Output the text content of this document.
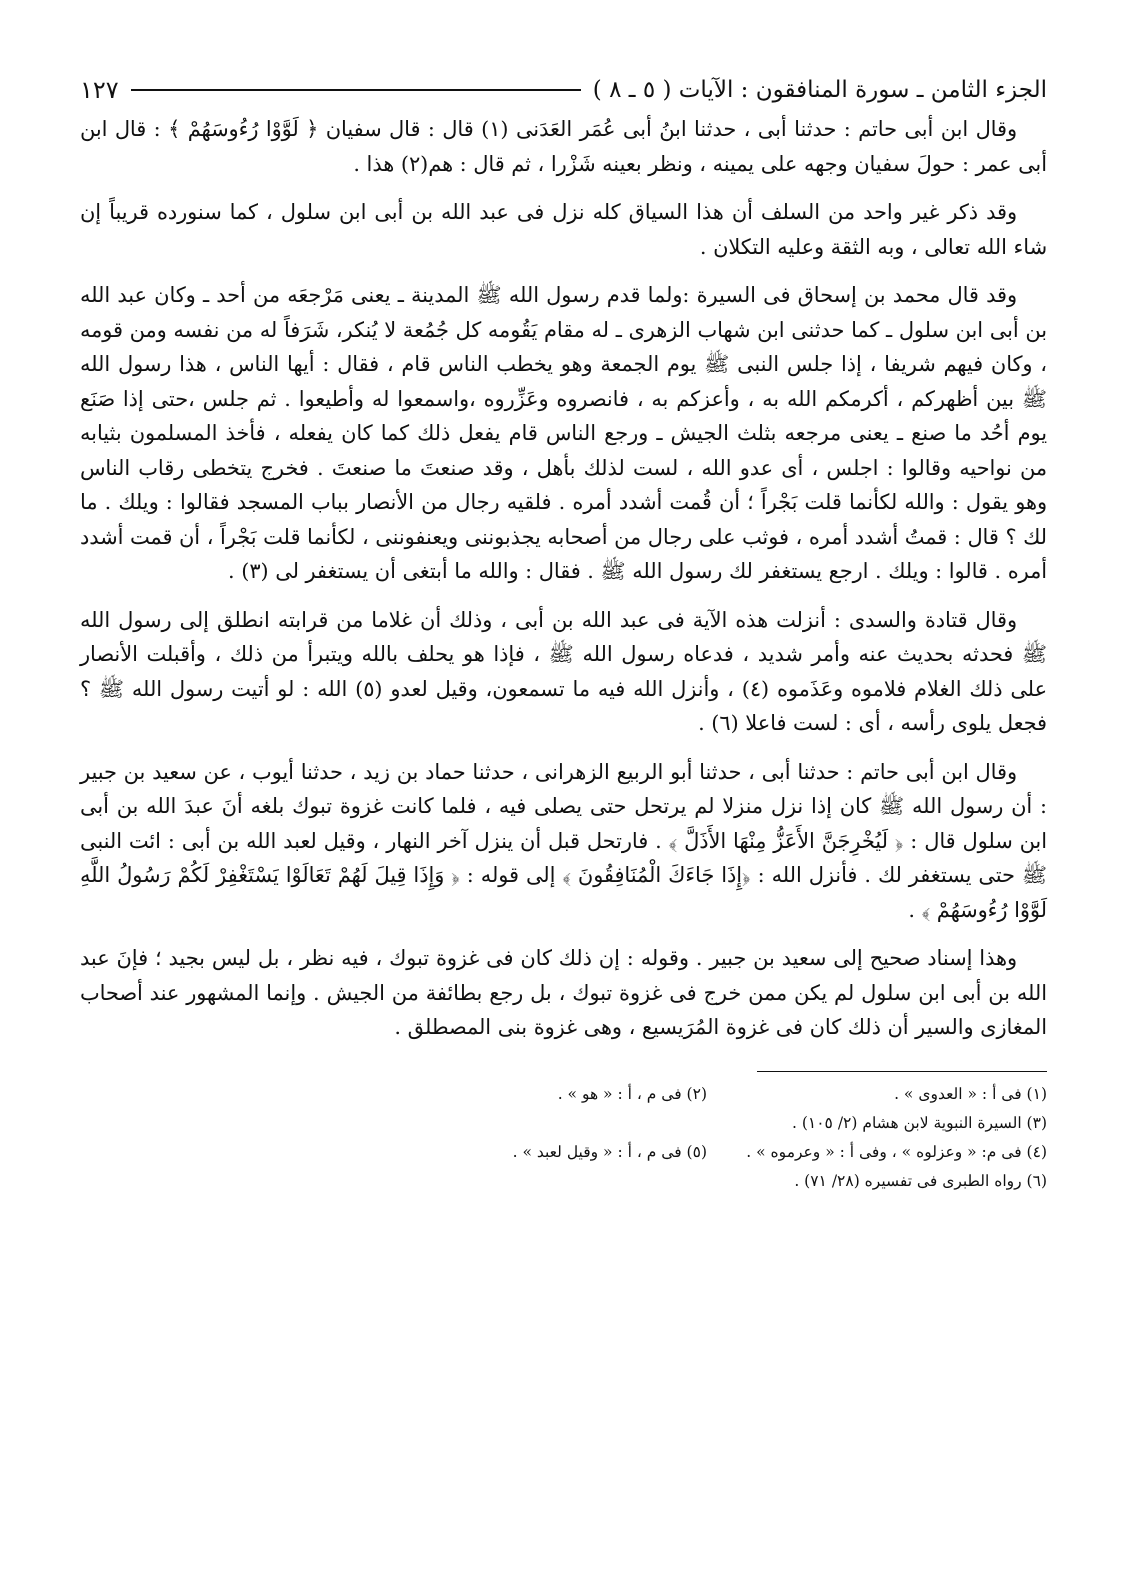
الجزء الثامن ـ سورة المنافقون : الآيات ( ٥ ـ ٨ )
١٢٧

وقال ابن أبى حاتم : حدثنا أبى ، حدثنا ابنُ أبى عُمَر العَدَنى (١) قال : قال سفيان ﴿ لَوَّوْا رُءُوسَهُمْ ﴾ : قال ابن أبى عمر : حولَ سفيان وجهه على يمينه ، ونظر بعينه شَزْرا ، ثم قال : هم(٢) هذا .

وقد ذكر غير واحد من السلف أن هذا السياق كله نزل فى عبد الله بن أبى ابن سلول ، كما سنورده قريباً إن شاء الله تعالى ، وبه الثقة وعليه التكلان .

وقد قال محمد بن إسحاق فى السيرة :ولما قدم رسول الله ﷺ المدينة ـ يعنى مَرْجعَه من أحد ـ وكان عبد الله بن أبى ابن سلول ـ كما حدثنى ابن شهاب الزهرى ـ له مقام يَقُومه كل جُمُعة لا يُنكر، شَرَفاً له من نفسه ومن قومه ، وكان فيهم شريفا ، إذا جلس النبى ﷺ يوم الجمعة وهو يخطب الناس قام ، فقال : أيها الناس ، هذا رسول الله ﷺ بين أظهركم ، أكرمكم الله به ، وأعزكم به ، فانصروه وعَزِّروه ،واسمعوا له وأطيعوا . ثم جلس ،حتى إذا صَنَع يوم أحُد ما صنع ـ يعنى مرجعه بثلث الجيش ـ ورجع الناس قام يفعل ذلك كما كان يفعله ، فأخذ المسلمون بثيابه من نواحيه وقالوا : اجلس ، أى عدو الله ، لست لذلك بأهل ، وقد صنعتَ ما صنعتَ . فخرج يتخطى رقاب الناس وهو يقول : والله لكأنما قلت بَجْراً ؛ أن قُمت أشدد أمره . فلقيه رجال من الأنصار بباب المسجد فقالوا : ويلك . ما لك ؟ قال : قمتُ أشدد أمره ، فوثب على رجال من أصحابه يجذبوننى ويعنفوننى ، لكأنما قلت بَجْراً ، أن قمت أشدد أمره . قالوا : ويلك . ارجع يستغفر لك رسول الله ﷺ . فقال : والله ما أبتغى أن يستغفر لى (٣) .

وقال قتادة والسدى : أنزلت هذه الآية فى عبد الله بن أبى ، وذلك أن غلاما من قرابته انطلق إلى رسول الله ﷺ فحدثه بحديث عنه وأمر شديد ، فدعاه رسول الله ﷺ ، فإذا هو يحلف بالله ويتبرأ من ذلك ، وأقبلت الأنصار على ذلك الغلام فلاموه وعَذَموه (٤) ، وأنزل الله فيه ما تسمعون، وقيل لعدو (٥) الله : لو أتيت رسول الله ﷺ ؟ فجعل يلوى رأسه ، أى : لست فاعلا (٦) .

وقال ابن أبى حاتم : حدثنا أبى ، حدثنا أبو الربيع الزهرانى ، حدثنا حماد بن زيد ، حدثنا أيوب ، عن سعيد بن جبير : أن رسول الله ﷺ كان إذا نزل منزلا لم يرتحل حتى يصلى فيه ، فلما كانت غزوة تبوك بلغه أنَ عبدَ الله بن أبى ابن سلول قال : ﴿ لَيُخْرِجَنَّ الأَعَزُّ مِنْهَا الأَذَلَّ ﴾ . فارتحل قبل أن ينزل آخر النهار ، وقيل لعبد الله بن أبى : ائت النبى ﷺ حتى يستغفر لك . فأنزل الله : ﴿إِذَا جَاءَكَ الْمُنَافِقُونَ ﴾ إلى قوله : ﴿ وَإِذَا قِيلَ لَهُمْ تَعَالَوْا يَسْتَغْفِرْ لَكُمْ رَسُولُ اللَّهِ لَوَّوْا رُءُوسَهُمْ ﴾ .

وهذا إسناد صحيح إلى سعيد بن جبير . وقوله : إن ذلك كان فى غزوة تبوك ، فيه نظر ، بل ليس بجيد ؛ فإنَ عبد الله بن أبى ابن سلول لم يكن ممن خرج فى غزوة تبوك ، بل رجع بطائفة من الجيش . وإنما المشهور عند أصحاب المغازى والسير أن ذلك كان فى غزوة المُرَيسيع ، وهى غزوة بنى المصطلق .

(١) فى أ : « العدوى » .
(٢) فى م ، أ : « هو » .
(٣) السيرة النبوية لابن هشام (٢/ ١٠٥) .
(٤) فى م: « وعزلوه » ، وفى أ : « وعرموه » .
(٥) فى م ، أ : « وقيل لعبد » .
(٦) رواه الطبرى فى تفسيره (٢٨/ ٧١) .
